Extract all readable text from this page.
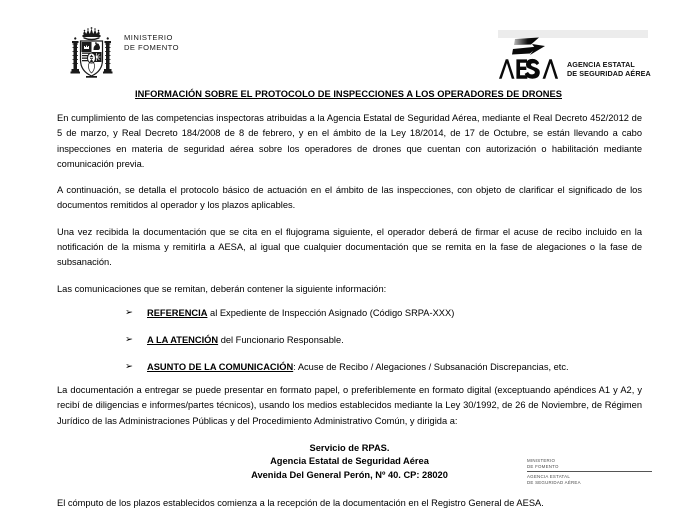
MINISTERIO
DE FOMENTO
AGENCIA ESTATAL
DE SEGURIDAD AÉREA
INFORMACIÓN SOBRE EL PROTOCOLO DE INSPECCIONES A LOS OPERADORES DE DRONES

En cumplimiento de las competencias inspectoras atribuidas a la Agencia Estatal de Seguridad Aérea, mediante el Real Decreto 452/2012 de 5 de marzo, y Real Decreto 184/2008 de 8 de febrero, y en el ámbito de la Ley 18/2014, de 17 de Octubre, se están llevando a cabo inspecciones en materia de seguridad aérea sobre los operadores de drones que cuentan con autorización o habilitación mediante comunicación previa.

A continuación, se detalla el protocolo básico de actuación en el ámbito de las inspecciones, con objeto de clarificar el significado de los documentos remitidos al operador y los plazos aplicables.

Una vez recibida la documentación que se cita en el flujograma siguiente, el operador deberá de firmar el acuse de recibo incluido en la notificación de la misma y remitirla a AESA, al igual que cualquier documentación que se remita en la fase de alegaciones o la fase de subsanación.

Las comunicaciones que se remitan, deberán contener la siguiente información:

➢ REFERENCIA al Expediente de Inspección Asignado (Código SRPA-XXX)
➢ A LA ATENCIÓN del Funcionario Responsable.
➢ ASUNTO DE LA COMUNICACIÓN: Acuse de Recibo / Alegaciones / Subsanación Discrepancias, etc.

La documentación a entregar se puede presentar en formato papel, o preferiblemente en formato digital (exceptuando apéndices A1 y A2, y recibí de diligencias e informes/partes técnicos), usando los medios establecidos mediante la Ley 30/1992, de 26 de Noviembre, de Régimen Jurídico de las Administraciones Públicas y del Procedimiento Administrativo Común, y dirigida a:

Servicio de RPAS.
Agencia Estatal de Seguridad Aérea
Avenida Del General Perón, Nº 40. CP: 28020

El cómputo de los plazos establecidos comienza a la recepción de la documentación en el Registro General de AESA.

MINISTERIO
DE FOMENTO
AGENCIA ESTATAL
DE SEGURIDAD AÉREA
